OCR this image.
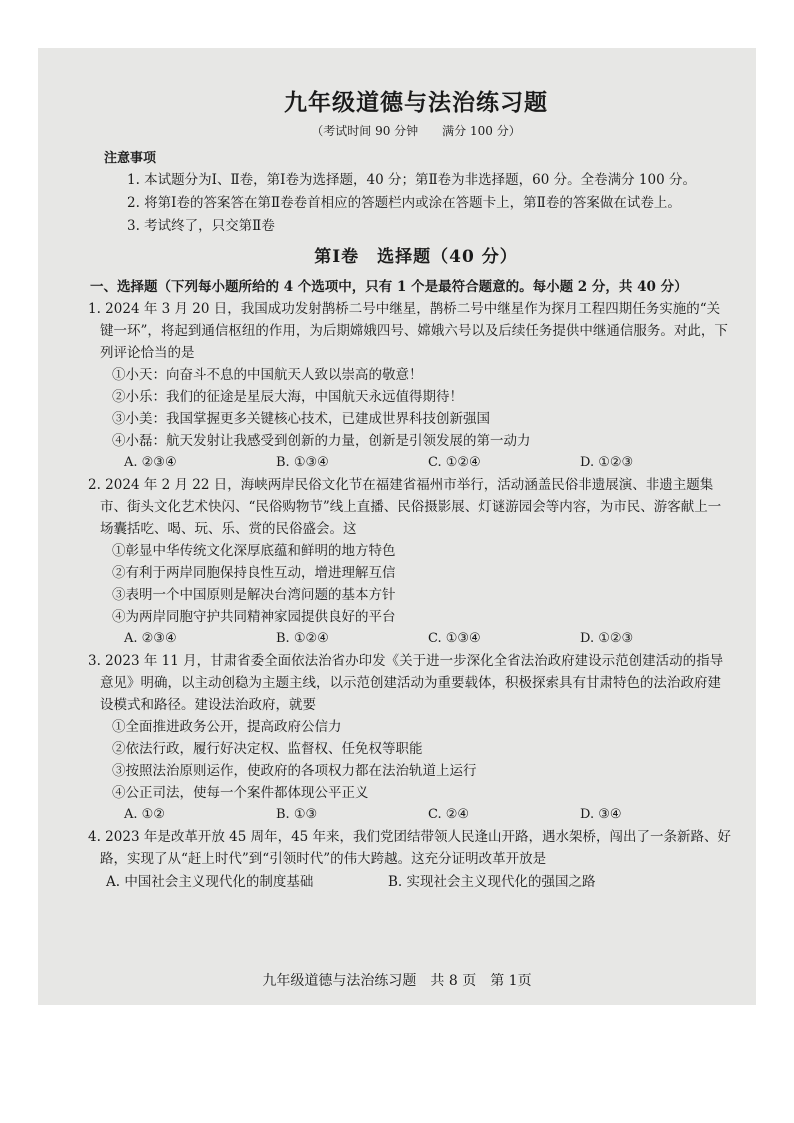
九年级道德与法治练习题
（考试时间 90 分钟　　满分 100 分）
注意事项

1. 本试题分为Ⅰ、Ⅱ卷，第Ⅰ卷为选择题，40 分；第Ⅱ卷为非选择题，60 分。全卷满分 100 分。

2. 将第Ⅰ卷的答案答在第Ⅱ卷卷首相应的答题栏内或涂在答题卡上，第Ⅱ卷的答案做在试卷上。

3. 考试终了，只交第Ⅱ卷

第Ⅰ卷　选择题（40 分）
一、选择题（下列每小题所给的 4 个选项中，只有 1 个是最符合题意的。每小题 2 分，共 40 分）

1. 2024 年 3 月 20 日，我国成功发射鹊桥二号中继星，鹊桥二号中继星作为探月工程四期任务实施的“关键一环”，将起到通信枢纽的作用，为后期嫦娥四号、嫦娥六号以及后续任务提供中继通信服务。对此，下列评论恰当的是

①小天：向奋斗不息的中国航天人致以崇高的敬意！

②小乐：我们的征途是星辰大海，中国航天永远值得期待！

③小美：我国掌握更多关键核心技术，已建成世界科技创新强国

④小磊：航天发射让我感受到创新的力量，创新是引领发展的第一动力

A. ②③④	B. ①③④	C. ①②④	D. ①②③

2. 2024 年 2 月 22 日，海峡两岸民俗文化节在福建省福州市举行，活动涵盖民俗非遗展演、非遗主题集市、街头文化艺术快闪、“民俗购物节”线上直播、民俗摄影展、灯谜游园会等内容，为市民、游客献上一场囊括吃、喝、玩、乐、赏的民俗盛会。这

①彰显中华传统文化深厚底蕴和鲜明的地方特色

②有利于两岸同胞保持良性互动，增进理解互信

③表明一个中国原则是解决台湾问题的基本方针

④为两岸同胞守护共同精神家园提供良好的平台

A. ②③④	B. ①②④	C. ①③④	D. ①②③

3. 2023 年 11 月，甘肃省委全面依法治省办印发《关于进一步深化全省法治政府建设示范创建活动的指导意见》明确，以主动创稳为主题主线，以示范创建活动为重要载体，积极探索具有甘肃特色的法治政府建设模式和路径。建设法治政府，就要

①全面推进政务公开，提高政府公信力

②依法行政，履行好决定权、监督权、任免权等职能

③按照法治原则运作，使政府的各项权力都在法治轨道上运行

④公正司法，使每一个案件都体现公平正义

A. ①②	B. ①③	C. ②④	D. ③④

4. 2023 年是改革开放 45 周年，45 年来，我们党团结带领人民逢山开路，遇水架桥，闯出了一条新路、好路，实现了从“赶上时代”到“引领时代”的伟大跨越。这充分证明改革开放是

A. 中国社会主义现代化的制度基础	B. 实现社会主义现代化的强国之路
九年级道德与法治练习题　共 8 页　第 1页
